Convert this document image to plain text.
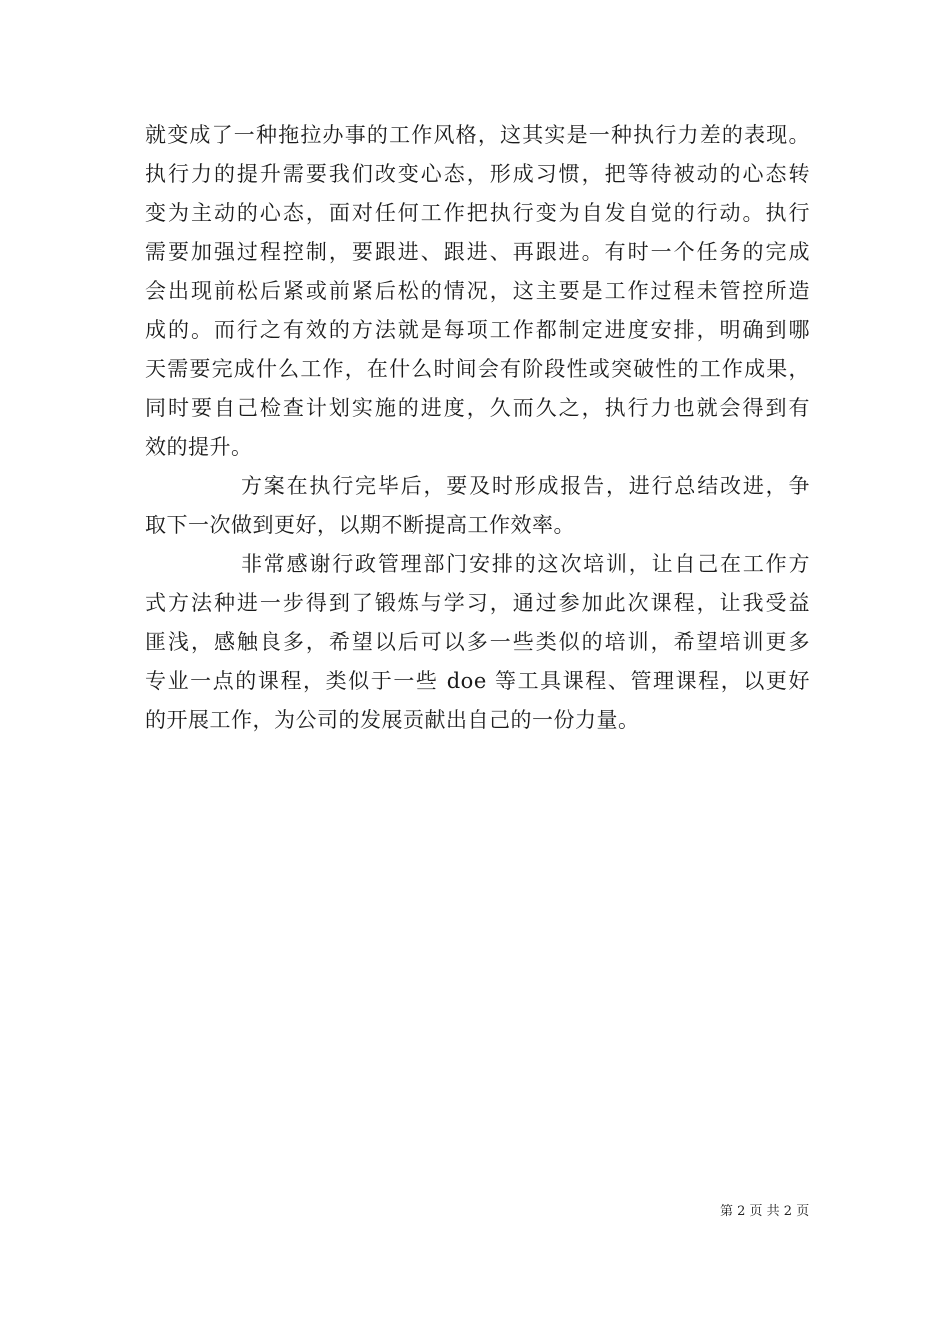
就变成了一种拖拉办事的工作风格，这其实是一种执行力差的表现。
执行力的提升需要我们改变心态，形成习惯，把等待被动的心态转
变为主动的心态，面对任何工作把执行变为自发自觉的行动。执行
需要加强过程控制，要跟进、跟进、再跟进。有时一个任务的完成
会出现前松后紧或前紧后松的情况，这主要是工作过程未管控所造
成的。而行之有效的方法就是每项工作都制定进度安排，明确到哪
天需要完成什么工作，在什么时间会有阶段性或突破性的工作成果，
同时要自己检查计划实施的进度，久而久之，执行力也就会得到有
效的提升。
方案在执行完毕后，要及时形成报告，进行总结改进，争
取下一次做到更好，以期不断提高工作效率。
非常感谢行政管理部门安排的这次培训，让自己在工作方
式方法种进一步得到了锻炼与学习，通过参加此次课程，让我受益
匪浅，感触良多，希望以后可以多一些类似的培训，希望培训更多
专业一点的课程，类似于一些 doe 等工具课程、管理课程，以更好
的开展工作，为公司的发展贡献出自己的一份力量。
第 2 页 共 2 页
